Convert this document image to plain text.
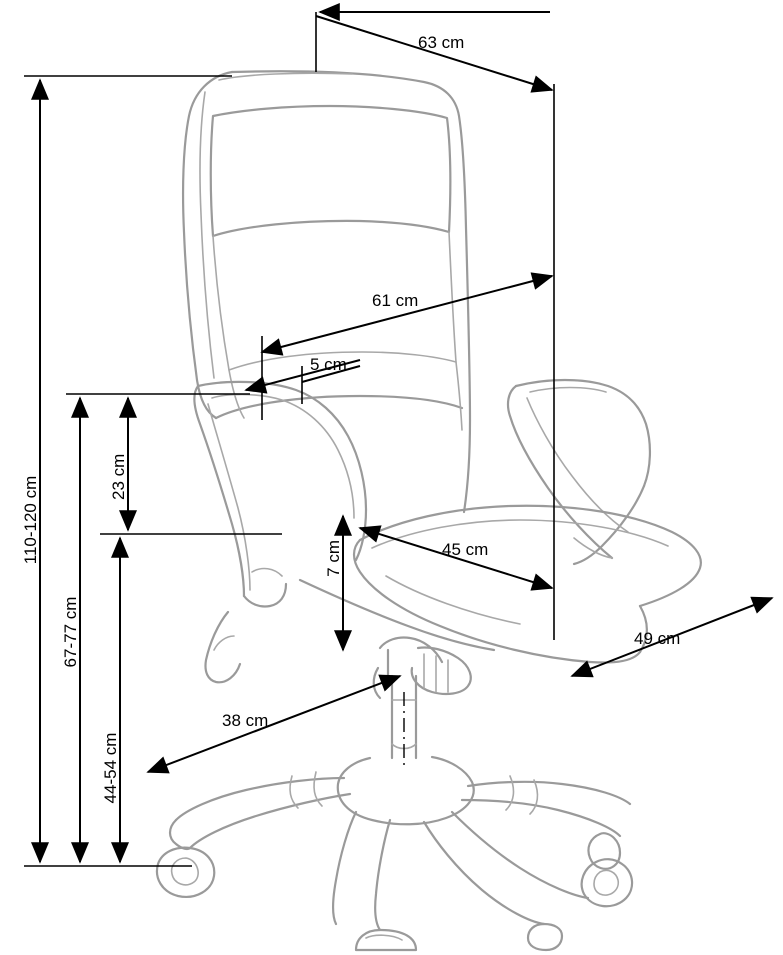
63 cm
61 cm
5 cm
45 cm
49 cm
38 cm
7 cm
23 cm
110-120 cm
67-77 cm
44-54 cm
